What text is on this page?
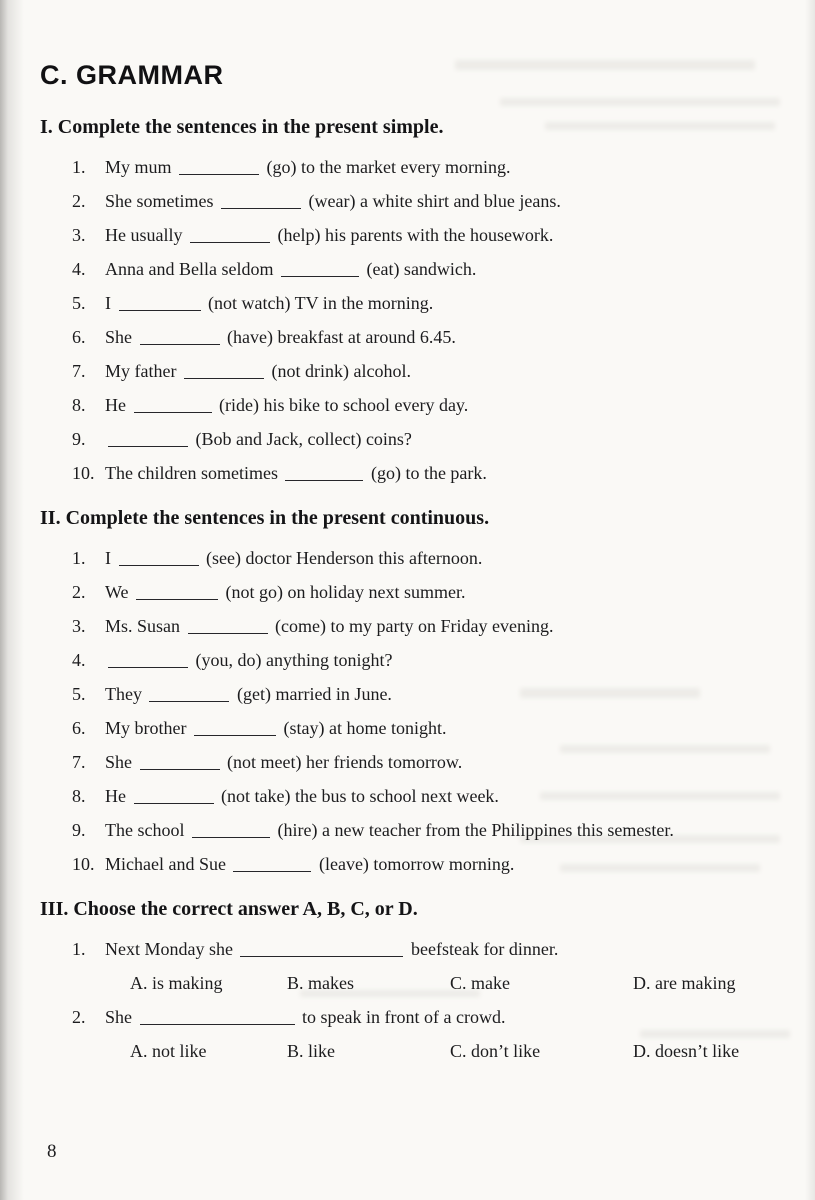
C. GRAMMAR
I. Complete the sentences in the present simple.
1. My mum	(go) to the market every morning.
2. She sometimes	(wear) a white shirt and blue jeans.
3. He usually	(help) his parents with the housework.
4. Anna and Bella seldom	(eat) sandwich.
5. I	(not watch) TV in the morning.
6. She	(have) breakfast at around 6.45.
7. My father	(not drink) alcohol.
8. He	(ride) his bike to school every day.
9.	(Bob and Jack, collect) coins?
10. The children sometimes	(go) to the park.
II. Complete the sentences in the present continuous.
1. I	(see) doctor Henderson this afternoon.
2. We	(not go) on holiday next summer.
3. Ms. Susan	(come) to my party on Friday evening.
4.	(you, do) anything tonight?
5. They	(get) married in June.
6. My brother	(stay) at home tonight.
7. She	(not meet) her friends tomorrow.
8. He	(not take) the bus to school next week.
9. The school	(hire) a new teacher from the Philippines this semester.
10. Michael and Sue	(leave) tomorrow morning.
III. Choose the correct answer A, B, C, or D.
1. Next Monday she	beefsteak for dinner.
A. is making	B. makes	C. make	D. are making
2. She	to speak in front of a crowd.
A. not like	B. like	C. don’t like	D. doesn’t like
8
